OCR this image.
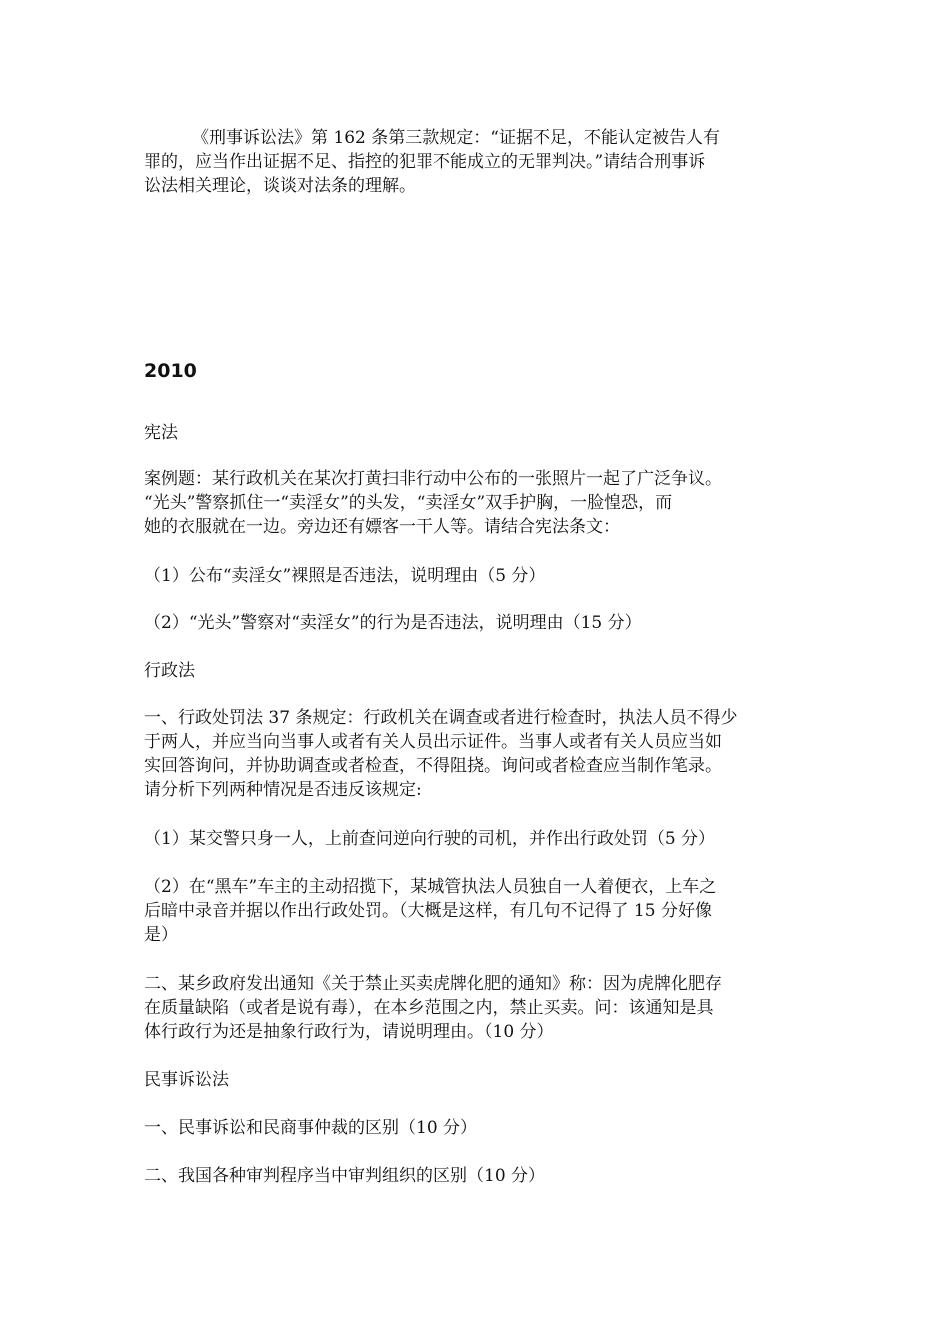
《刑事诉讼法》第 162 条第三款规定：“证据不足，不能认定被告人有
罪的，应当作出证据不足、指控的犯罪不能成立的无罪判决。”请结合刑事诉
讼法相关理论，谈谈对法条的理解。
2010
宪法
案例题：某行政机关在某次打黄扫非行动中公布的一张照片一起了广泛争议。
“光头”警察抓住一“卖淫女”的头发，“卖淫女”双手护胸，一脸惶恐，而
她的衣服就在一边。旁边还有嫖客一干人等。请结合宪法条文：
（1）公布“卖淫女”裸照是否违法，说明理由（5 分）
（2）“光头”警察对“卖淫女”的行为是否违法，说明理由（15 分）
行政法
一、行政处罚法 37 条规定：行政机关在调查或者进行检查时，执法人员不得少
于两人，并应当向当事人或者有关人员出示证件。当事人或者有关人员应当如
实回答询问，并协助调查或者检查，不得阻挠。询问或者检查应当制作笔录。
请分析下列两种情况是否违反该规定:
（1）某交警只身一人，上前查问逆向行驶的司机，并作出行政处罚（5 分）
（2）在“黑车”车主的主动招揽下，某城管执法人员独自一人着便衣，上车之
后暗中录音并据以作出行政处罚。（大概是这样，有几句不记得了 15 分好像
是）
二、某乡政府发出通知《关于禁止买卖虎牌化肥的通知》称：因为虎牌化肥存
在质量缺陷（或者是说有毒），在本乡范围之内，禁止买卖。问：该通知是具
体行政行为还是抽象行政行为，请说明理由。（10 分）
民事诉讼法
一、民事诉讼和民商事仲裁的区别（10 分）
二、我国各种审判程序当中审判组织的区别（10 分）
